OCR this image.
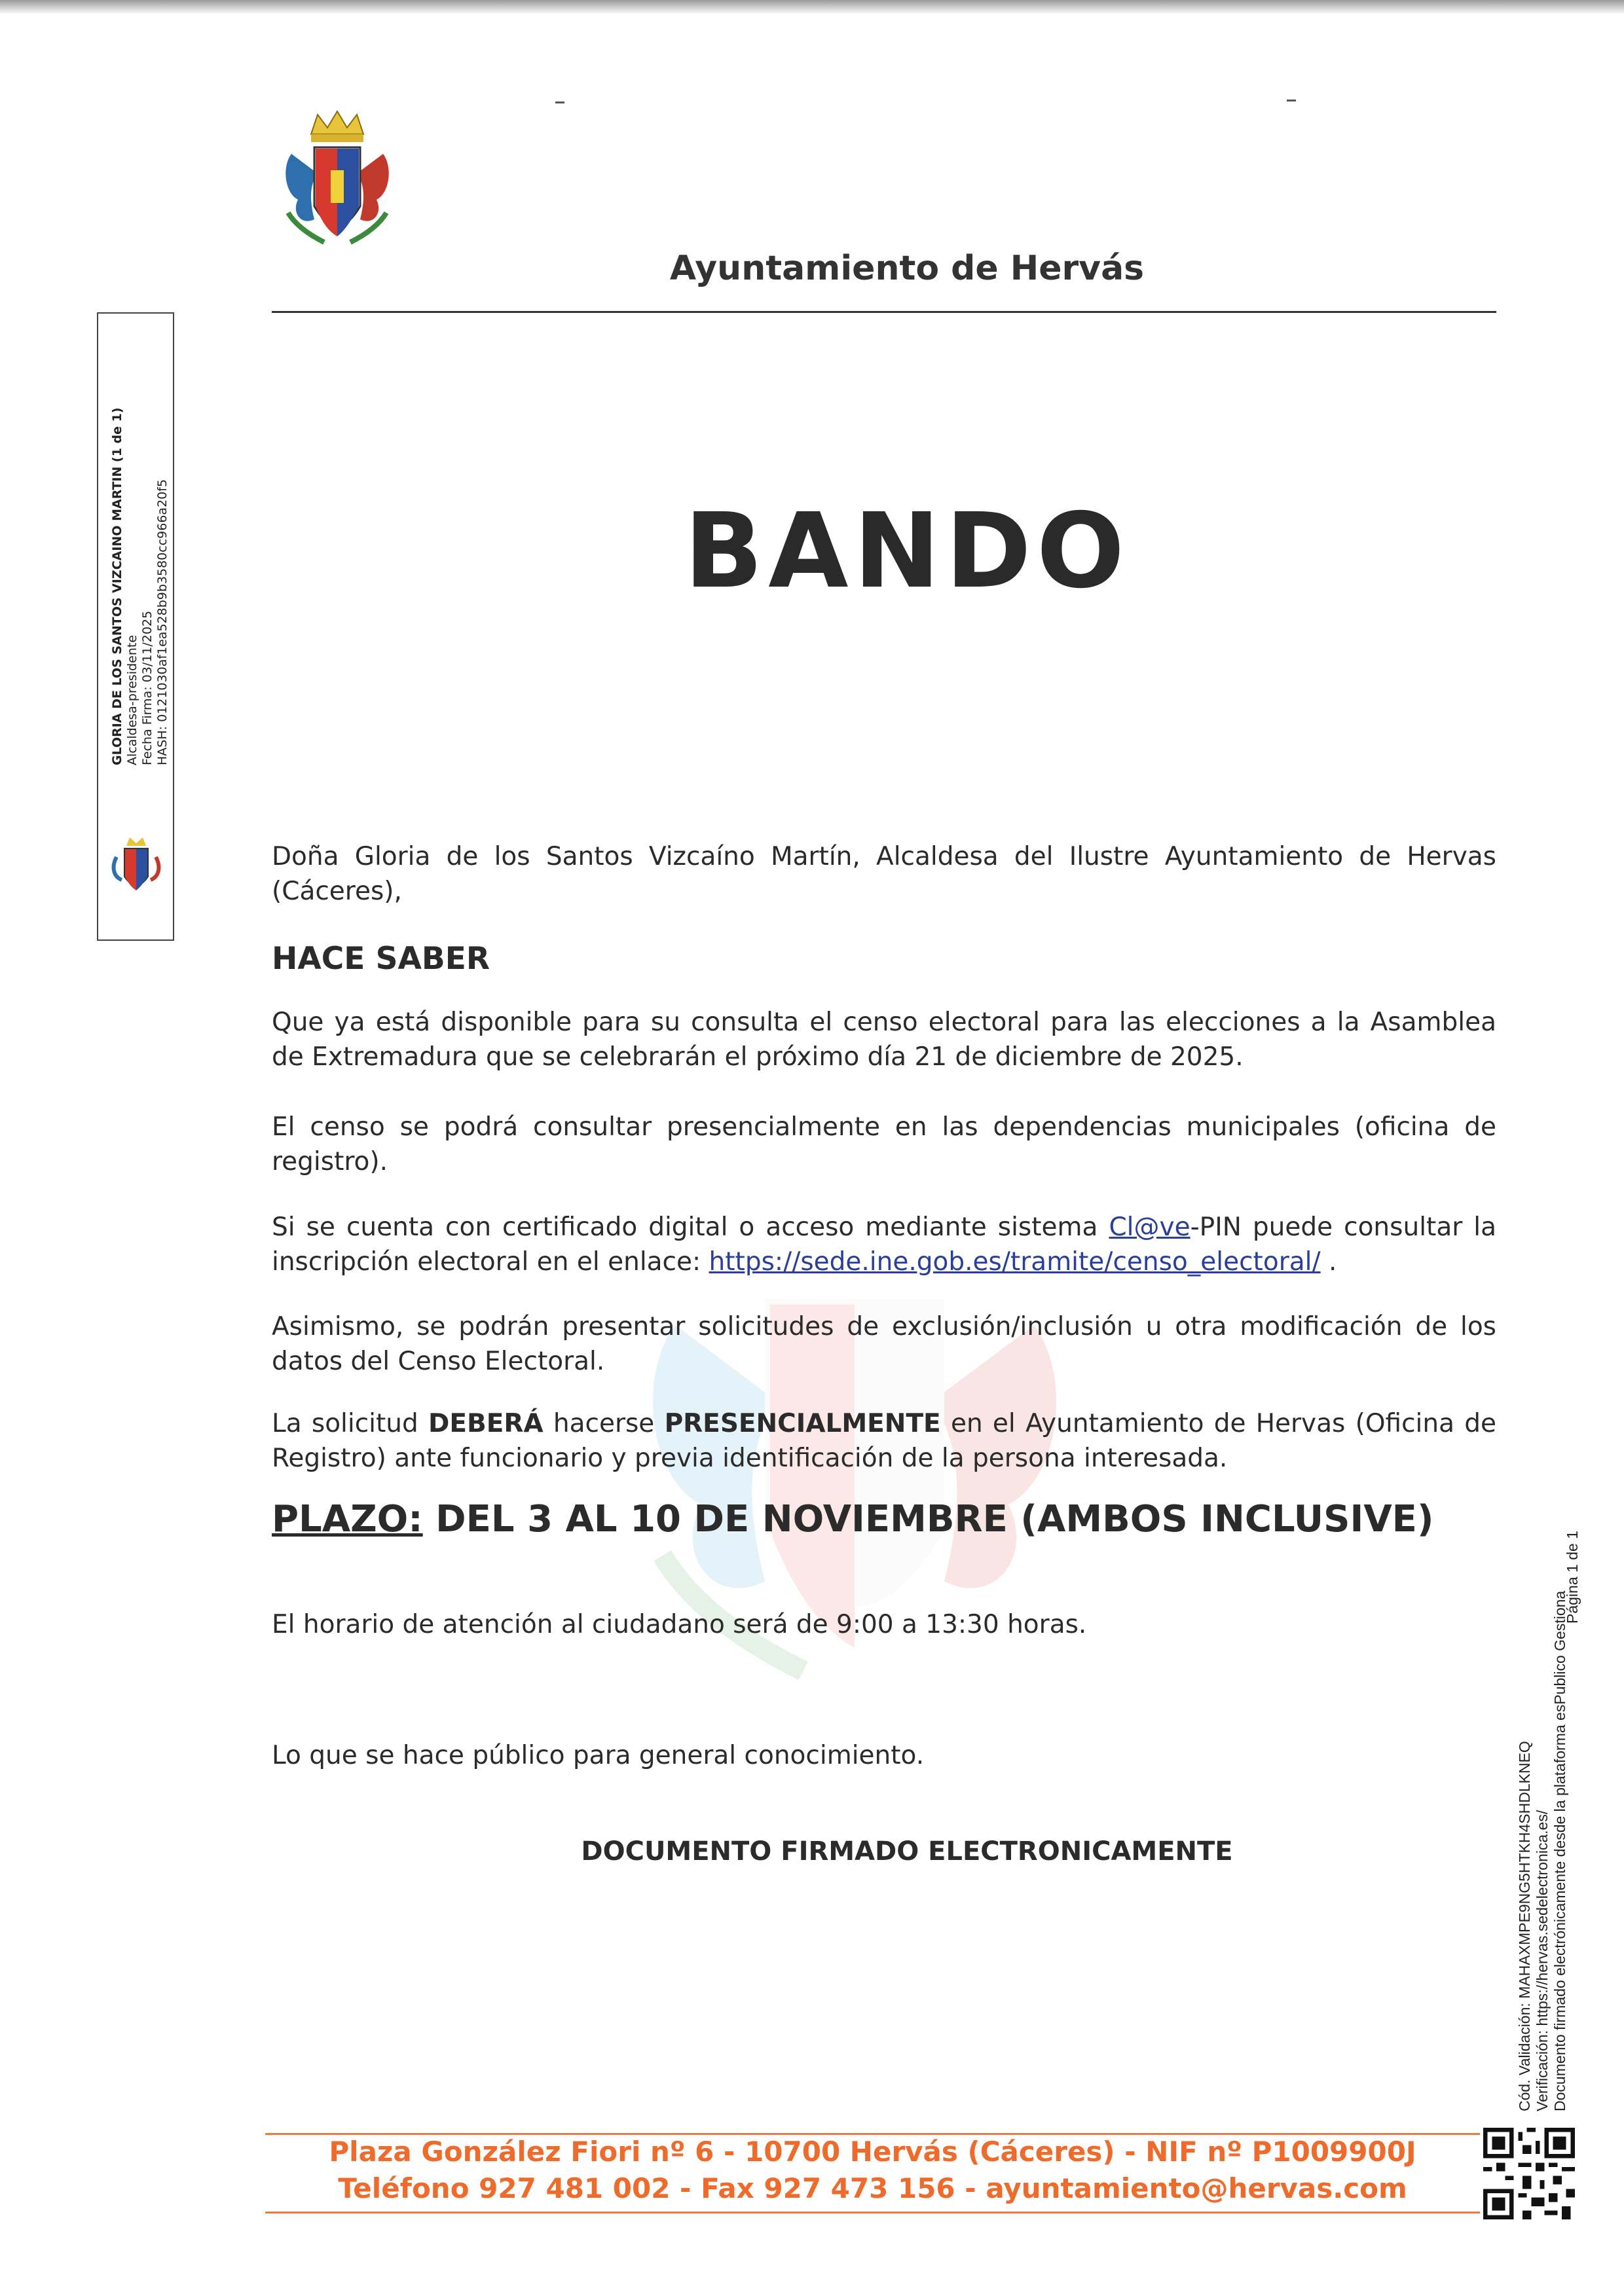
Ayuntamiento de Hervás
GLORIA DE LOS SANTOS VIZCAINO MARTIN (1 de 1) Alcaldesa-presidente Fecha Firma: 03/11/2025 HASH: 0121030af1ea528b9b3580cc966a20f5	BANDO
Doña Gloria de los Santos Vizcaíno Martín, Alcaldesa del Ilustre Ayuntamiento de Hervas (Cáceres),
HACE SABER
Que ya está disponible para su consulta el censo electoral para las elecciones a la Asamblea de Extremadura que se celebrarán el próximo día 21 de diciembre de 2025.
El censo se podrá consultar presencialmente en las dependencias municipales (oficina de registro).
Si se cuenta con certificado digital o acceso mediante sistema Cl@ve-PIN puede consultar la inscripción electoral en el enlace: https://sede.ine.gob.es/tramite/censo_electoral/ .
Asimismo, se podrán presentar solicitudes de exclusión/inclusión u otra modificación de los datos del Censo Electoral.
La solicitud DEBERÁ hacerse PRESENCIALMENTE en el Ayuntamiento de Hervas (Oficina de Registro) ante funcionario y previa identificación de la persona interesada.
PLAZO: DEL 3 AL 10 DE NOVIEMBRE (AMBOS INCLUSIVE)
El horario de atención al ciudadano será de 9:00 a 13:30 horas.
Lo que se hace público para general conocimiento.
DOCUMENTO FIRMADO ELECTRONICAMENTE
Plaza González Fiori nº 6 - 10700 Hervás (Cáceres) - NIF nº P1009900J
Teléfono 927 481 002 - Fax 927 473 156 - ayuntamiento@hervas.com
Página 1 de 1
Cód. Validación: MAHAXMPE9NG5HTKH4SHDLKNEQ Verificación: https://hervas.sedelectronica.es/ Documento firmado electrónicamente desde la plataforma esPublico Gestiona
